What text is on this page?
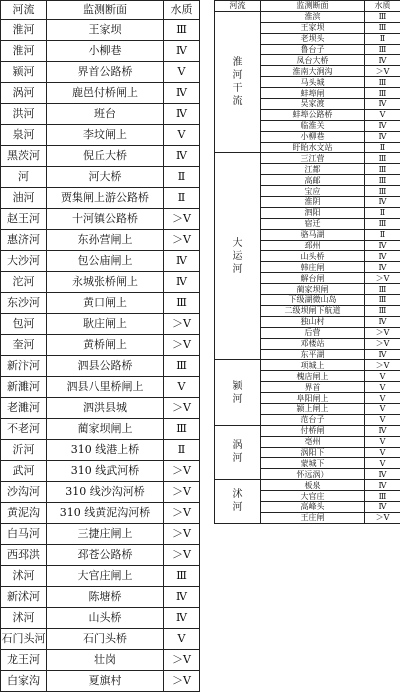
河流	监测断面	水质
淮河	王家坝	Ⅲ
淮河	小柳巷	Ⅳ
颍河	界首公路桥	Ⅴ
涡河	鹿邑付桥闸上	Ⅳ
洪河	班台	Ⅳ
泉河	李坟闸上	Ⅴ
黑茨河	倪丘大桥	Ⅳ
河	河大桥	Ⅱ
油河	贾集闸上游公路桥	Ⅱ
赵王河	十河镇公路桥	＞Ⅴ
惠济河	东孙营闸上	＞Ⅴ
大沙河	包公庙闸上	Ⅳ
沱河	永城张桥闸上	Ⅳ
东沙河	黄口闸上	Ⅲ
包河	耿庄闸上	＞Ⅴ
奎河	黄桥闸上	＞Ⅴ
新汴河	泗县公路桥	Ⅲ
新濉河	泗县八里桥闸上	Ⅴ
老濉河	泗洪县城	＞Ⅴ
不老河	蔺家坝闸上	Ⅲ
沂河	310 线港上桥	Ⅱ
武河	310 线武河桥	＞Ⅴ
沙沟河	310 线沙沟河桥	＞Ⅴ
黄泥沟	310 线黄泥沟河桥	＞Ⅴ
白马河	三捷庄闸上	＞Ⅴ
西邳洪	邳苍公路桥	＞Ⅴ
沭河	大官庄闸上	Ⅲ
新沭河	陈塘桥	Ⅳ
沭河	山头桥	Ⅳ
石门头河	石门头桥	Ⅴ
龙王河	壮岗	＞Ⅴ
白家沟	夏旗村	＞Ⅴ
河流	监测断面	水质
淮河干流	淮滨	Ⅲ
	王家坝	Ⅲ
	老坝头	Ⅱ
	鲁台子	Ⅲ
	凤台大桥	Ⅳ
	淮南大涧沟	＞Ⅴ
	马头城	Ⅲ
	蚌埠闸	Ⅲ
	吴家渡	Ⅳ
	蚌埠公路桥	Ⅴ
	临淮关	Ⅳ
	小柳巷	Ⅳ
	盱眙水文站	Ⅱ
大运河	三江营	Ⅲ
	江都	Ⅲ
	高邮	Ⅲ
	宝应	Ⅲ
	淮阴	Ⅳ
	泗阳	Ⅱ
	宿迁	Ⅲ
	骆马湖	Ⅱ
	邳州	Ⅳ
	山头桥	Ⅳ
	韩庄闸	Ⅳ
	解台闸	＞Ⅴ
	蔺家坝闸	Ⅲ
	下级湖微山岛	Ⅲ
	二级坝闸下航道	Ⅲ
	独山村	Ⅳ
	后营	＞Ⅴ
	邓楼站	＞Ⅴ
	东平湖	Ⅳ
颍河	项城上	＞Ⅴ
	槐店闸上	Ⅴ
	界首	Ⅴ
	阜阳闸上	Ⅴ
	颍上闸上	Ⅴ
	范台子	Ⅴ
涡河	付桥闸	Ⅳ
	亳州	Ⅴ
	涡阳下	Ⅴ
	蒙城下	Ⅴ
	怀远涡）	Ⅳ
沭河	板泉	Ⅳ
	大官庄	Ⅲ
	高峰头	Ⅳ
	王庄闸	＞Ⅴ
